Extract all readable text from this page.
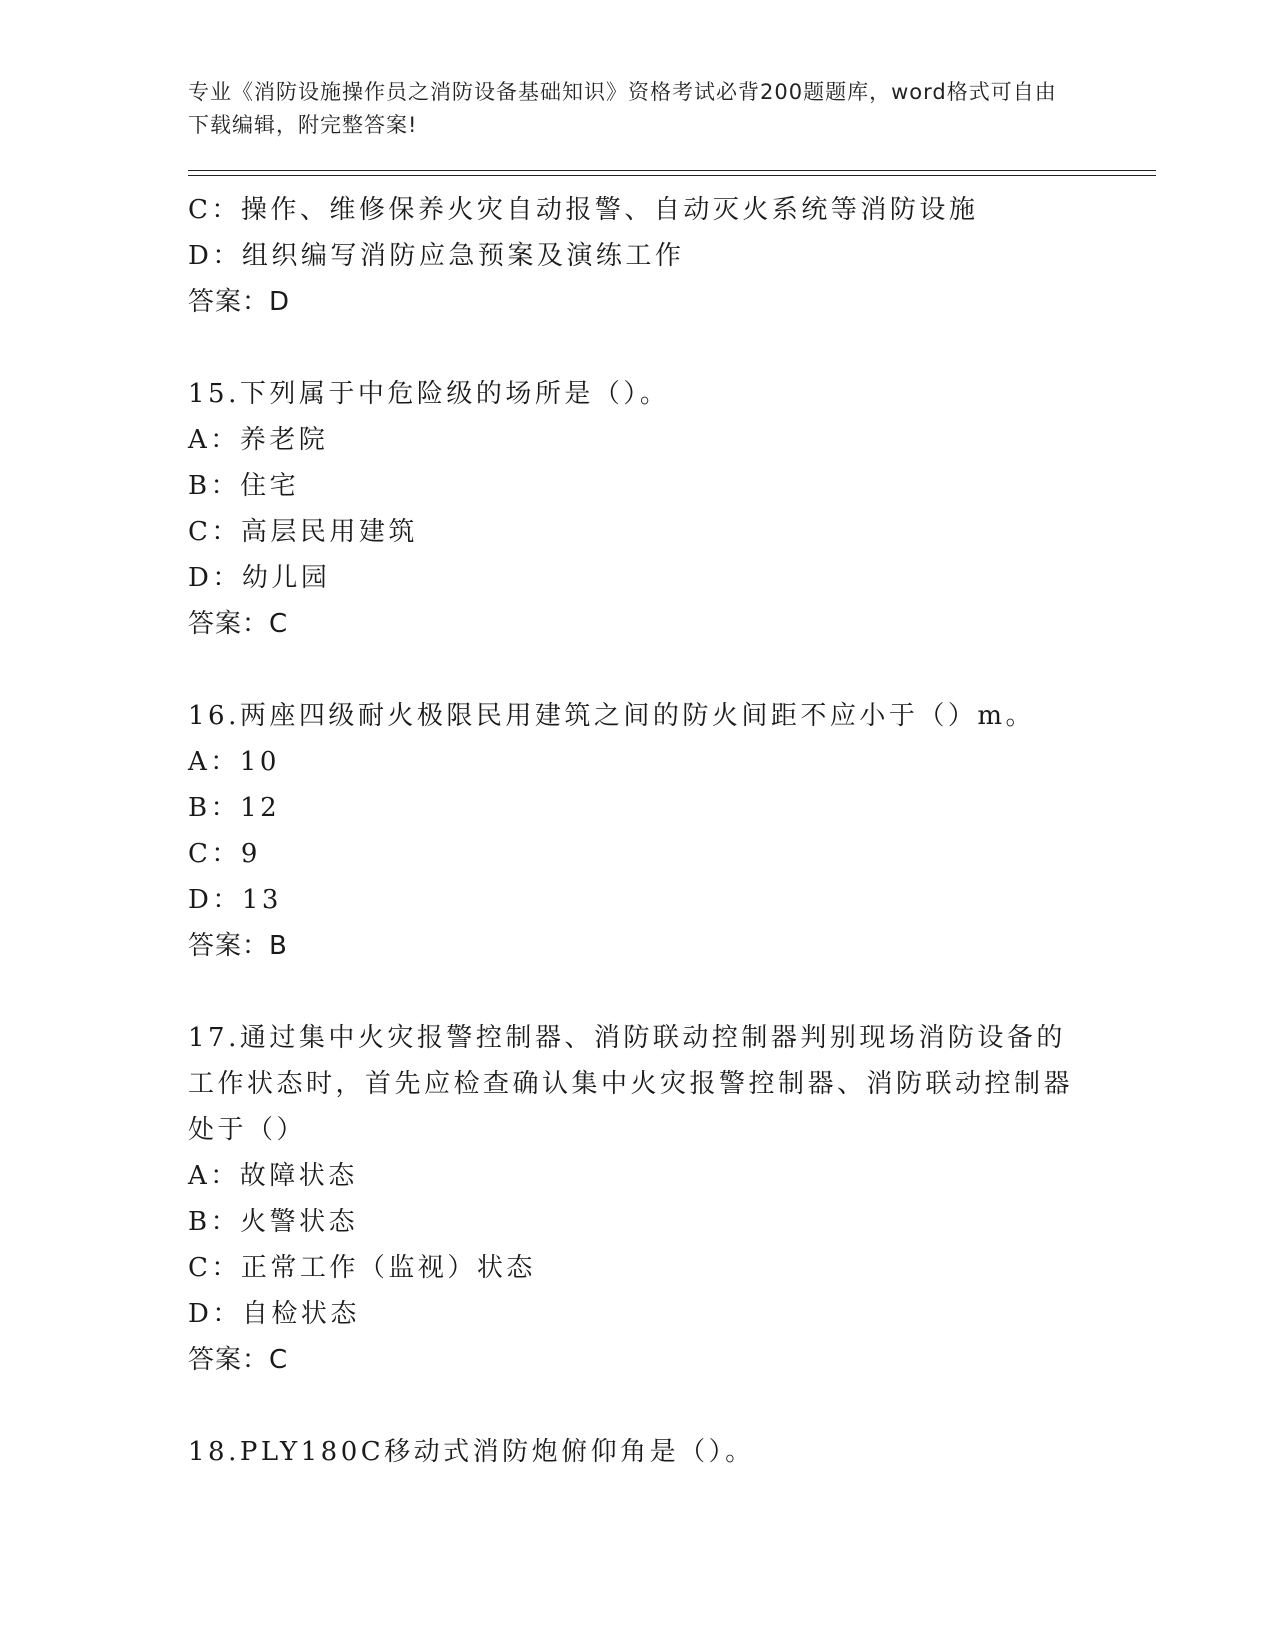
专业《消防设施操作员之消防设备基础知识》资格考试必背200题题库，word格式可自由下载编辑，附完整答案!
C：操作、维修保养火灾自动报警、自动灭火系统等消防设施
D：组织编写消防应急预案及演练工作
答案：D
15.下列属于中危险级的场所是（）。
A：养老院
B：住宅
C：高层民用建筑
D：幼儿园
答案：C
16.两座四级耐火极限民用建筑之间的防火间距不应小于（）m。
A：10
B：12
C：9
D：13
答案：B
17.通过集中火灾报警控制器、消防联动控制器判别现场消防设备的工作状态时，首先应检查确认集中火灾报警控制器、消防联动控制器处于（）
A：故障状态
B：火警状态
C：正常工作（监视）状态
D：自检状态
答案：C
18.PLY180C移动式消防炮俯仰角是（）。
